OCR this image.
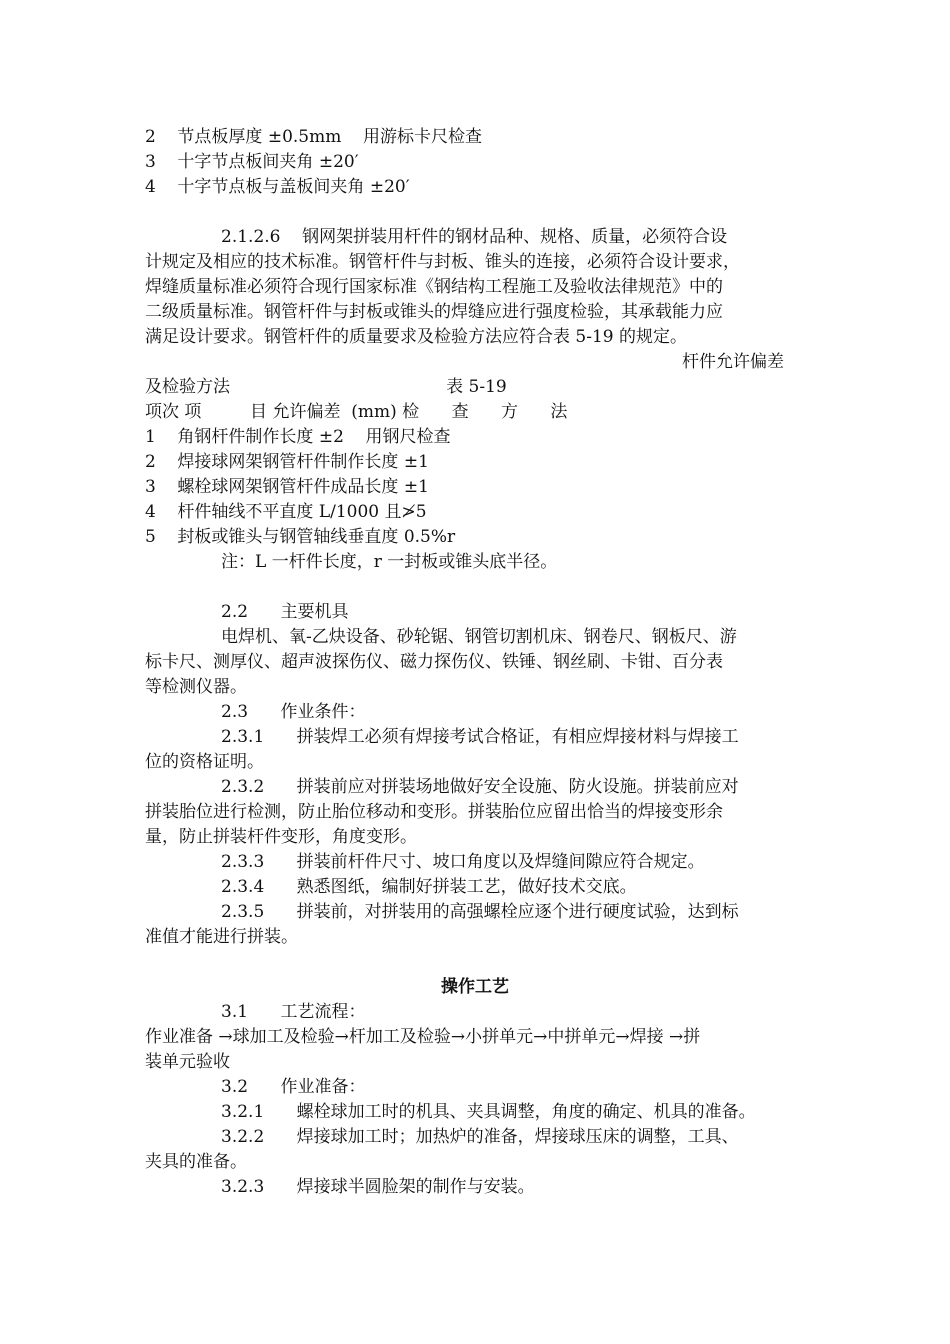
2    节点板厚度 ±0.5mm    用游标卡尺检查
3    十字节点板间夹角 ±20′
4    十字节点板与盖板间夹角 ±20′
2.1.2.6    钢网架拼装用杆件的钢材品种、规格、质量，必须符合设
计规定及相应的技术标准。钢管杆件与封板、锥头的连接，必须符合设计要求，
焊缝质量标准必须符合现行国家标准《钢结构工程施工及验收法律规范》中的
二级质量标准。钢管杆件与封板或锥头的焊缝应进行强度检验，其承载能力应
满足设计要求。钢管杆件的质量要求及检验方法应符合表 5-19 的规定。
杆件允许偏差
及检验方法                                        表 5-19
项次 项         目 允许偏差  (mm) 检      查      方      法
1    角钢杆件制作长度 ±2    用钢尺检查
2    焊接球网架钢管杆件制作长度 ±1
3    螺栓球网架钢管杆件成品长度 ±1
4    杆件轴线不平直度 L/1000 且≯5
5    封板或锥头与钢管轴线垂直度 0.5%r
注：L 一杆件长度，r 一封板或锥头底半径。
2.2      主要机具
电焊机、氧-乙炔设备、砂轮锯、钢管切割机床、钢卷尺、钢板尺、游
标卡尺、测厚仪、超声波探伤仪、磁力探伤仪、铁锤、钢丝刷、卡钳、百分表
等检测仪器。
2.3      作业条件：
2.3.1      拼装焊工必须有焊接考试合格证，有相应焊接材料与焊接工
位的资格证明。
2.3.2      拼装前应对拼装场地做好安全设施、防火设施。拼装前应对
拼装胎位进行检测，防止胎位移动和变形。拼装胎位应留出恰当的焊接变形余
量，防止拼装杆件变形，角度变形。
2.3.3      拼装前杆件尺寸、坡口角度以及焊缝间隙应符合规定。
2.3.4      熟悉图纸，编制好拼装工艺，做好技术交底。
2.3.5      拼装前，对拼装用的高强螺栓应逐个进行硬度试验，达到标
准值才能进行拼装。
操作工艺
3.1      工艺流程：
作业准备 →球加工及检验→杆加工及检验→小拼单元→中拼单元→焊接 →拼
装单元验收
3.2      作业准备：
3.2.1      螺栓球加工时的机具、夹具调整，角度的确定、机具的准备。
3.2.2      焊接球加工时；加热炉的准备，焊接球压床的调整，工具、
夹具的准备。
3.2.3      焊接球半圆脸架的制作与安装。
